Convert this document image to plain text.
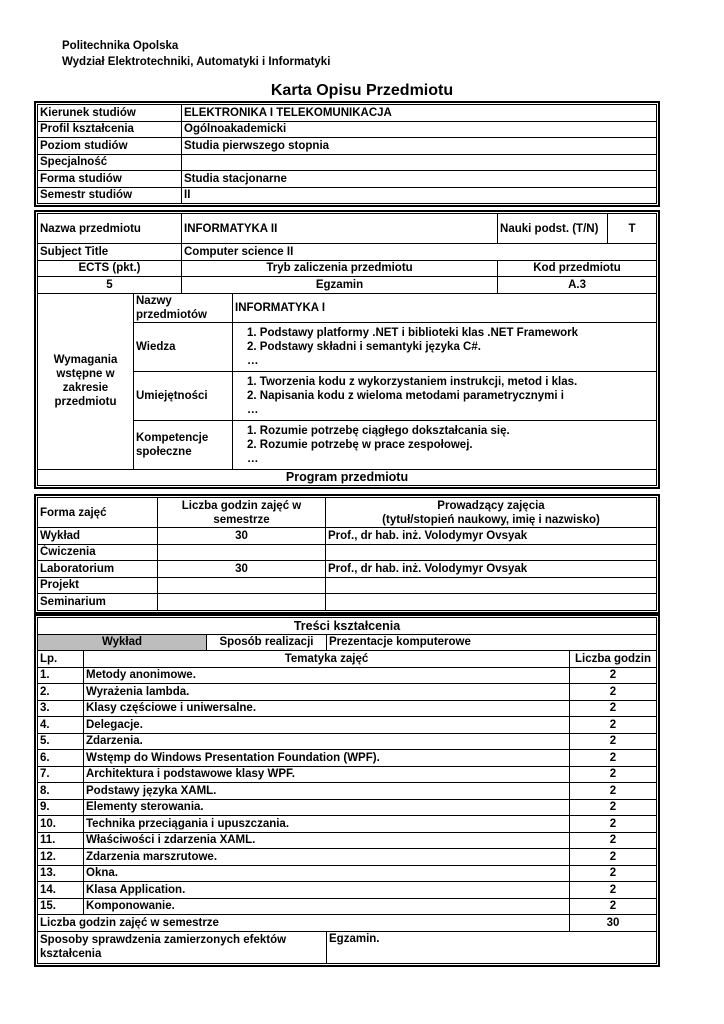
Politechnika Opolska
Wydział Elektrotechniki, Automatyki i Informatyki
Karta Opisu Przedmiotu
Kierunek studiów	ELEKTRONIKA I TELEKOMUNIKACJA
Profil kształcenia	Ogólnoakademicki
Poziom studiów	Studia pierwszego stopnia
Specjalność	
Forma studiów	Studia stacjonarne
Semestr studiów	II
Nazwa przedmiotu		INFORMATYKA II		Nauki podst. (T/N)	T
Subject Title		Computer science II			
ECTS (pkt.)		Tryb zaliczenia przedmiotu		Kod przedmiotu	
5		Egzamin		A.3	
Wymagania wstępne w zakresie przedmiotu	Nazwy przedmiotów		INFORMATYKA I		
	Wiedza		1. Podstawy platformy .NET i biblioteki klas .NET Framework
2. Podstawy składni i semantyki języka C#.
…		

	Umiejętności		1. Tworzenia kodu z wykorzystaniem instrukcji, metod i klas.
2. Napisania kodu z wieloma metodami parametrycznymi i
…		

	Kompetencje społeczne		1. Rozumie potrzebę ciągłego dokształcania się.
2. Rozumie potrzebę w prace zespołowej.
…		

Program przedmiotu					
Forma zajęć	Liczba godzin zajęć w semestrze	Prowadzący zajęcia
(tytuł/stopień naukowy, imię i nazwisko)

Wykład	30	Prof., dr hab. inż. Volodymyr Ovsyak
Ćwiczenia		
Laboratorium	30	Prof., dr hab. inż. Volodymyr Ovsyak
Projekt		
Seminarium		
Treści kształcenia				
Wykład		Sposób realizacji	Prezentacje komputerowe	
Lp.	Tematyka zajęć			Liczba godzin
1.	Metody anonimowe.			2
2.	Wyrażenia lambda.			2
3.	Klasy częściowe i uniwersalne.			2
4.	Delegacje.			2
5.	Zdarzenia.			2
6.	Wstęmp do Windows Presentation Foundation (WPF).			2
7.	Architektura i podstawowe klasy WPF.			2
8.	Podstawy języka XAML.			2
9.	Elementy sterowania.			2
10.	Technika przeciągania i upuszczania.			2
11.	Właściwości i zdarzenia XAML.			2
12.	Zdarzenia marszrutowe.			2
13.	Okna.			2
14.	Klasa Application.			2
15.	Komponowanie.			2
Liczba godzin zajęć w semestrze				30
Sposoby sprawdzenia zamierzonych efektów kształcenia			Egzamin.	
